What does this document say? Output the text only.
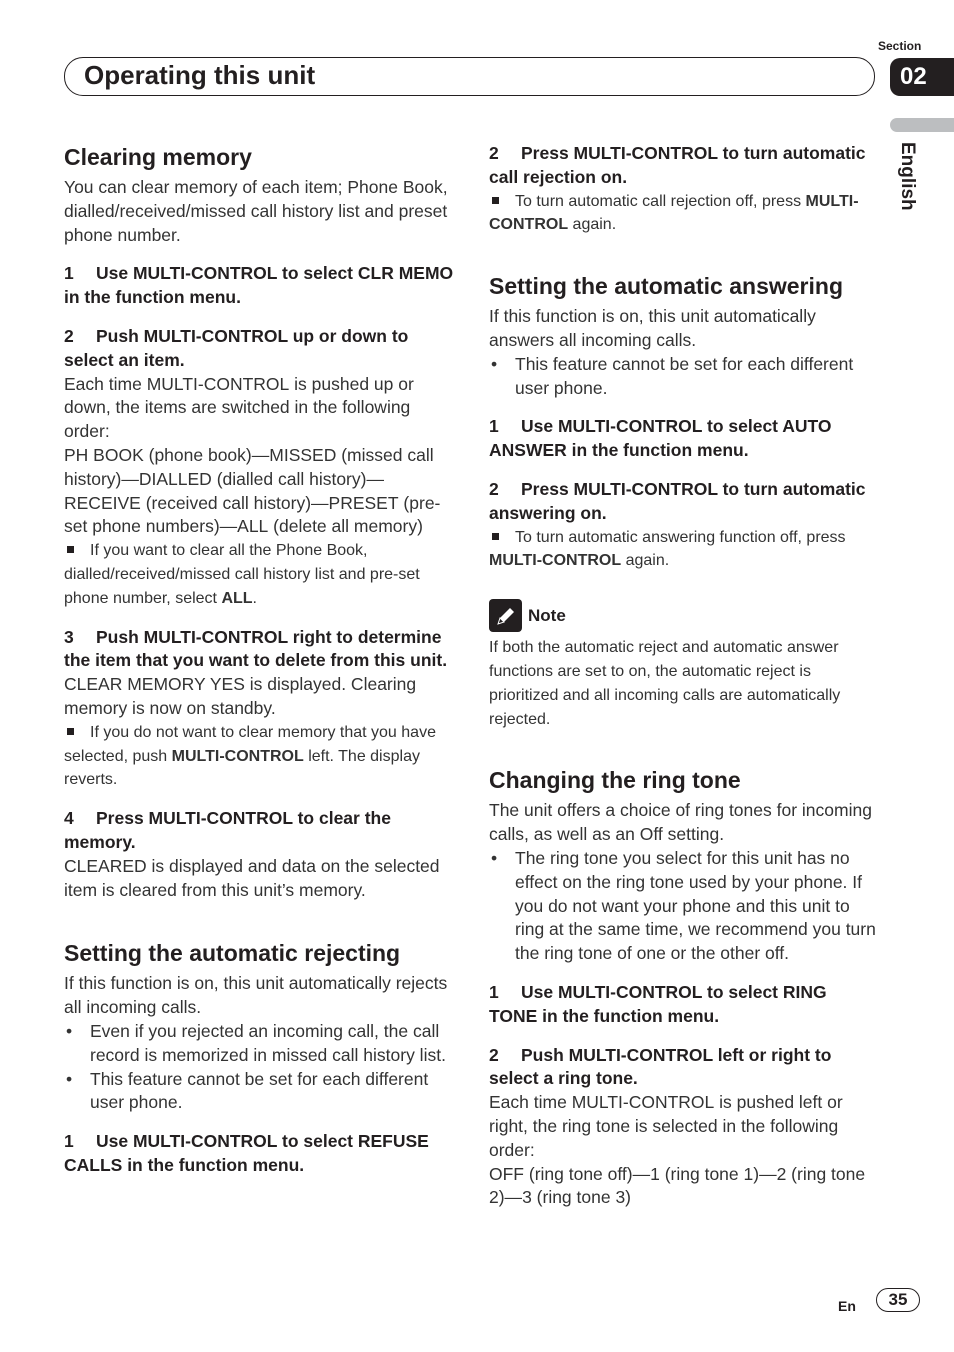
Section
02
Operating this unit
English
Clearing memory

You can clear memory of each item; Phone Book, dialled/received/missed call history list and preset phone number.

1 Use MULTI-CONTROL to select CLR MEMO in the function menu.

2 Push MULTI-CONTROL up or down to select an item.

Each time MULTI-CONTROL is pushed up or down, the items are switched in the following order:

PH BOOK (phone book)—MISSED (missed call history)—DIALLED (dialled call history)—RECEIVE (received call history)—PRESET (pre-set phone numbers)—ALL (delete all memory)

If you want to clear all the Phone Book, dialled/received/missed call history list and pre-set phone number, select ALL.

3 Push MULTI-CONTROL right to determine the item that you want to delete from this unit.

CLEAR MEMORY YES is displayed. Clearing memory is now on standby.

If you do not want to clear memory that you have selected, push MULTI-CONTROL left. The display reverts.

4 Press MULTI-CONTROL to clear the memory.

CLEARED is displayed and data on the selected item is cleared from this unit’s memory.

Setting the automatic rejecting

If this function is on, this unit automatically rejects all incoming calls.

• Even if you rejected an incoming call, the call record is memorized in missed call history list.

• This feature cannot be set for each different user phone.

1 Use MULTI-CONTROL to select REFUSE CALLS in the function menu.

2 Press MULTI-CONTROL to turn automatic call rejection on.

To turn automatic call rejection off, press MULTI-CONTROL again.

Setting the automatic answering

If this function is on, this unit automatically answers all incoming calls.

• This feature cannot be set for each different user phone.

1 Use MULTI-CONTROL to select AUTO ANSWER in the function menu.

2 Press MULTI-CONTROL to turn automatic answering on.

To turn automatic answering function off, press MULTI-CONTROL again.

Note

If both the automatic reject and automatic answer functions are set to on, the automatic reject is prioritized and all incoming calls are automatically rejected.

Changing the ring tone

The unit offers a choice of ring tones for incoming calls, as well as an Off setting.

• The ring tone you select for this unit has no effect on the ring tone used by your phone. If you do not want your phone and this unit to ring at the same time, we recommend you turn the ring tone of one or the other off.

1 Use MULTI-CONTROL to select RING TONE in the function menu.

2 Push MULTI-CONTROL left or right to select a ring tone.

Each time MULTI-CONTROL is pushed left or right, the ring tone is selected in the following order:

OFF (ring tone off)—1 (ring tone 1)—2 (ring tone 2)—3 (ring tone 3)

En	35
